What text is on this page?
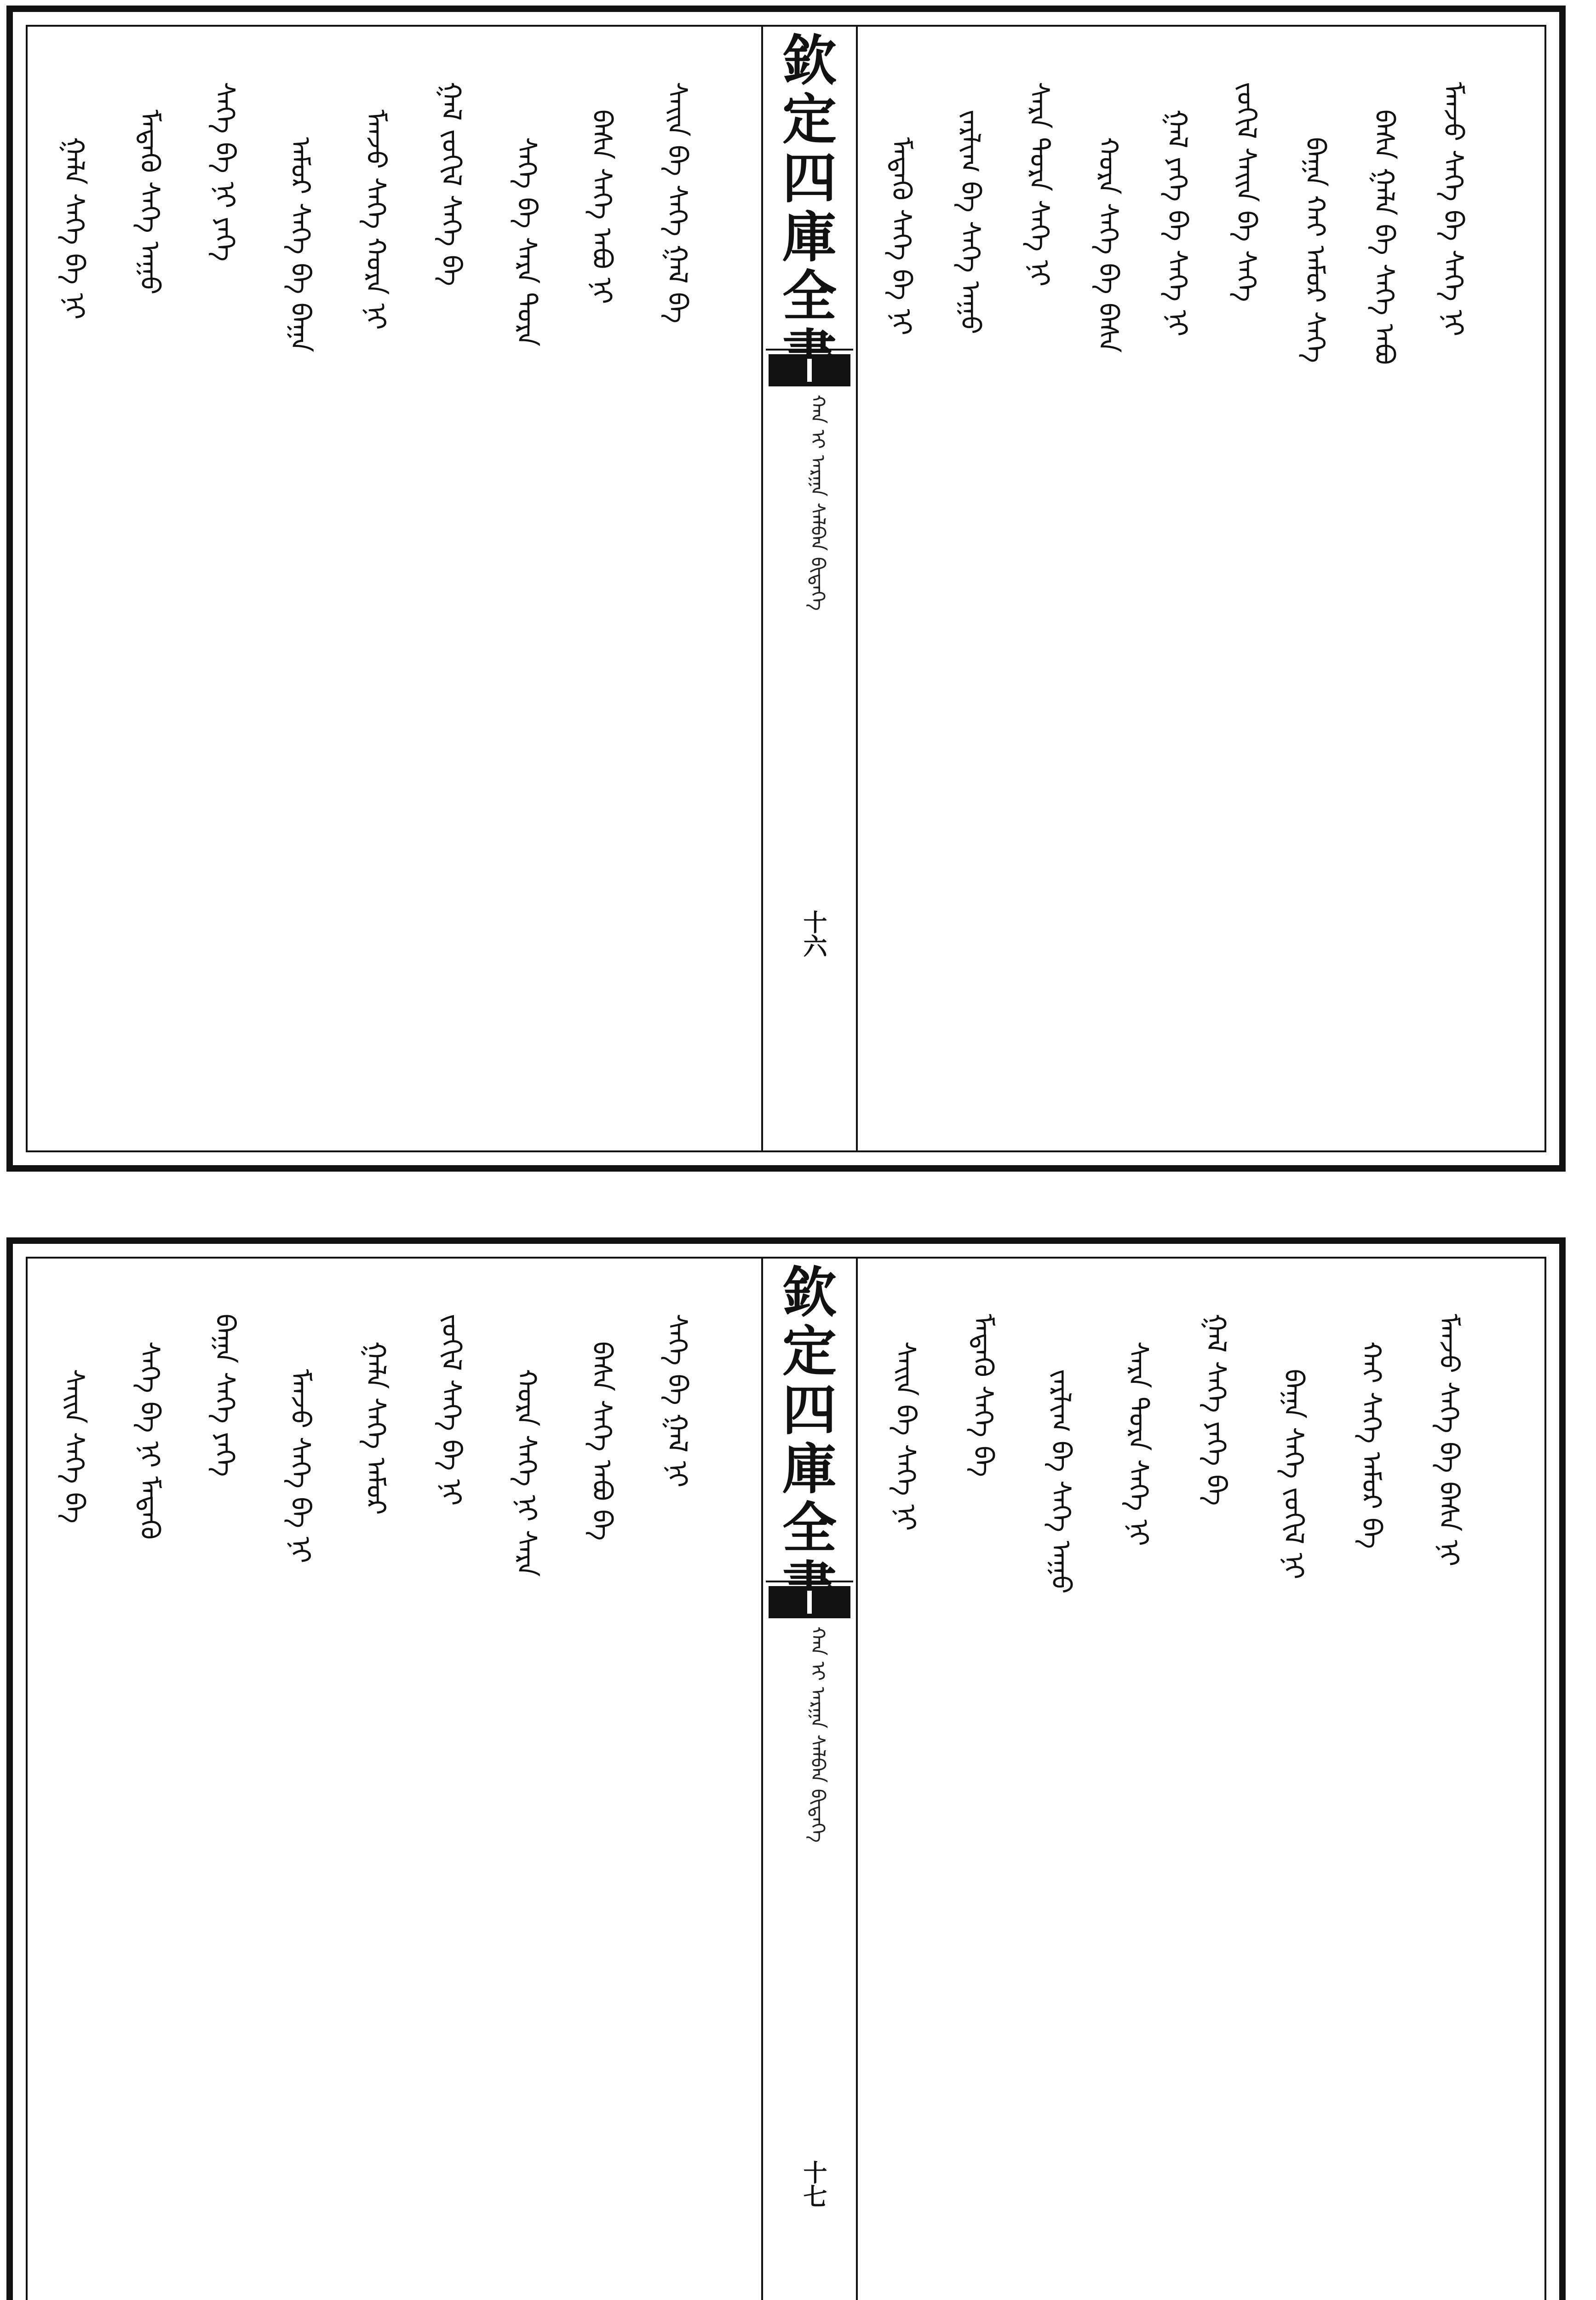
ᠰᠠᠢᠨ ᠪᠡ ᠰᠡᠬᠡ ᠭᠠᠯ ᠪᠠ
ᠪᠠᠰᠠ ᠰᠡᠬᠡ ᠠᠪᠤ ᠨᠢ
ᠰᠡᠬᠡ ᠪᠡ ᠰᠠᠷᠠ ᠳᠤᠷᠠ
ᠭᠠᠯ ᠵᠣᠬᠢᠯ ᠰᠡᠬᠡ ᠪᠡ
ᠮᠠᠨᠵᠤ ᠰᠡᠬᠡ ᠬᠤᠷᠠ ᠨᠢ
ᠠᠮᠤᠷ ᠰᠡᠬᠡ ᠪᠡ ᠪᠠᠭᠠ
ᠰᠡᠬᠡ ᠪᠡ ᠨᠢ ᠶᠡᠭᠡ
ᠮᠡᠳᠡᠬᠦ ᠰᠡᠬᠡ ᠠᠭᠤ
ᠭᠠᠯᠠ ᠰᠡᠬᠡ ᠪᠡ ᠨᠢ
欽
定
四
庫
全
ᠬᠠᠨ ᠢ ᠠᠷᠭᠠ ᠰᠠᠯᠪᠠᠨ ᠪᠢᠳᠡᠬᠡ
十六
ᠮᠠᠨᠵᠤ ᠰᠡᠬᠡ ᠪᠡ ᠰᠡᠬᠡ ᠨᠢ
ᠪᠠᠰᠠ ᠭᠠᠯᠠ ᠪᠡ ᠰᠡᠬᠡ ᠠᠪᠤ
ᠪᠠᠭᠠ ᠬᠠᠢ ᠠᠮᠤᠷ ᠰᠡᠬᠡ
ᠵᠣᠬᠢᠯ ᠰᠠᠢᠨ ᠪᠡ ᠰᠡᠬᠡ
ᠭᠠᠯ ᠶᠡᠭᠡ ᠪᠡ ᠰᠡᠬᠡ ᠨᠢ
ᠬᠤᠷᠠ ᠰᠡᠬᠡ ᠪᠡ ᠪᠠᠰᠠ
ᠰᠠᠷᠠ ᠳᠤᠷᠠ ᠰᠡᠬᠡ ᠨᠢ
ᠵᠠᠷᠯᠢᠭ ᠪᠡ ᠰᠡᠬᠡ ᠠᠭᠤ
ᠮᠡᠳᠡᠬᠦ ᠰᠡᠬᠡ ᠪᠡ ᠨᠢ
ᠰᠡᠬᠡ ᠪᠡ ᠭᠠᠯ ᠨᠢ
ᠪᠠᠰᠠ ᠰᠡᠬᠡ ᠠᠪᠤ ᠪᠡ
ᠬᠤᠷᠠ ᠰᠡᠬᠡ ᠨᠢ ᠰᠠᠷᠠ
ᠵᠣᠬᠢᠯ ᠰᠡᠬᠡ ᠪᠡ ᠨᠢ
ᠭᠠᠯᠠ ᠰᠡᠬᠡ ᠠᠮᠤᠷ
ᠮᠠᠨᠵᠤ ᠰᠡᠬᠡ ᠪᠡ ᠨᠢ
ᠪᠠᠭᠠ ᠰᠡᠬᠡ ᠶᠡᠭᠡ
ᠰᠡᠬᠡ ᠪᠡ ᠨᠢ ᠮᠡᠳᠡᠬᠦ
ᠰᠠᠢᠨ ᠰᠡᠬᠡ ᠪᠡ
欽
定
四
庫
全
ᠬᠠᠨ ᠢ ᠠᠷᠭᠠ ᠰᠠᠯᠪᠠᠨ ᠪᠢᠳᠡᠬᠡ
十七
ᠮᠠᠨᠵᠤ ᠰᠡᠬᠡ ᠪᠡ ᠪᠠᠰᠠ ᠨᠢ
ᠬᠠᠢ ᠰᠡᠬᠡ ᠠᠮᠤᠷ ᠪᠡ
ᠪᠠᠭᠠ ᠰᠡᠬᠡ ᠵᠣᠬᠢᠯ ᠨᠢ
ᠭᠠᠯ ᠰᠡᠬᠡ ᠶᠡᠭᠡ ᠪᠡ
ᠰᠠᠷᠠ ᠳᠤᠷᠠ ᠰᠡᠬᠡ ᠨᠢ
ᠵᠠᠷᠯᠢᠭ ᠪᠡ ᠰᠡᠬᠡ ᠠᠭᠤ
ᠮᠡᠳᠡᠬᠦ ᠰᠡᠬᠡ ᠪᠡ
ᠰᠠᠢᠨ ᠪᠡ ᠰᠡᠬᠡ ᠨᠢ
